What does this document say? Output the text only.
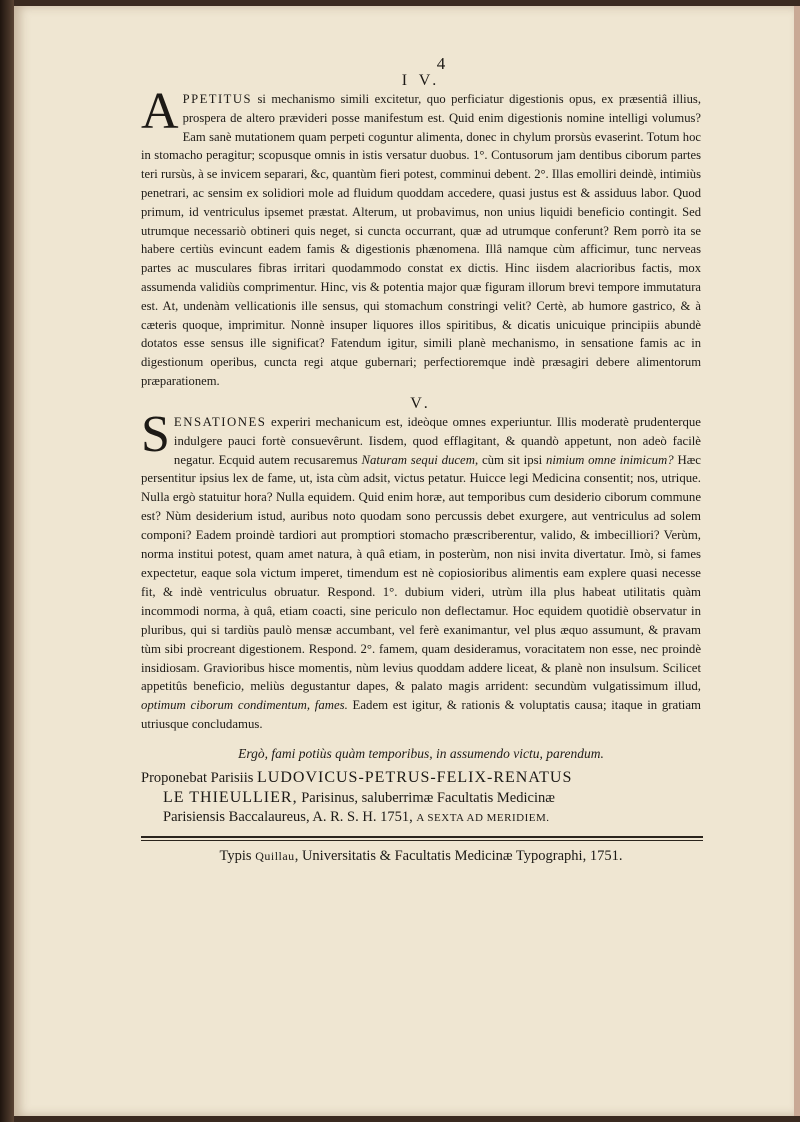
4
I V.

APPETITUS si mechanismo simili excitetur, quo perficiatur digestionis opus, ex præsentiâ illius, prospera de altero prævideri posse manifestum est. Quid enim digestionis nomine intelligi volumus? Eam sanè mutationem quam perpeti coguntur alimenta, donec in chylum prorsùs evaserint. Totum hoc in stomacho peragitur; scopusque omnis in istis versatur duobus. 1°. Contusorum jam dentibus ciborum partes teri rursùs, à se invicem separari, &c, quantùm fieri potest, comminui debent. 2°. Illas emolliri deindè, intimiùs penetrari, ac sensim ex solidiori mole ad fluidum quoddam accedere, quasi justus est & assiduus labor. Quod primum, id ventriculus ipsemet præstat. Alterum, ut probavimus, non unius liquidi beneficio contingit. Sed utrumque necessariò obtineri quis neget, si cuncta occurrant, quæ ad utrumque conferunt? Rem porrò ita se habere certiùs evincunt eadem famis & digestionis phænomena. Illâ namque cùm afficimur, tunc nerveas partes ac musculares fibras irritari quodammodo constat ex dictis. Hinc iisdem alacrioribus factis, mox assumenda validiùs comprimentur. Hinc, vis & potentia major quæ figuram illorum brevi tempore immutatura est. At, undenàm vellicationis ille sensus, qui stomachum constringi velit? Certè, ab humore gastrico, & à cæteris quoque, imprimitur. Nonnè insuper liquores illos spiritibus, & dicatis unicuique principiis abundè dotatos esse sensus ille significat? Fatendum igitur, simili planè mechanismo, in sensatione famis ac in digestionum operibus, cuncta regi atque gubernari; perfectioremque indè præsagiri debere alimentorum præparationem.

V.

SENSATIONES experiri mechanicum est, ideòque omnes experiuntur. Illis moderatè prudenterque indulgere pauci fortè consuevêrunt. Iisdem, quod efflagitant, & quandò appetunt, non adeò facilè negatur. Ecquid autem recusaremus Naturam sequi ducem, cùm sit ipsi nimium omne inimicum? Hæc persentitur ipsius lex de fame, ut, ista cùm adsit, victus petatur. Huicce legi Medicina consentit; nos, utrique. Nulla ergò statuitur hora? Nulla equidem. Quid enim horæ, aut temporibus cum desiderio ciborum commune est? Nùm desiderium istud, auribus noto quodam sono percussis debet exurgere, aut ventriculus ad solem componi? Eadem proindè tardiori aut promptiori stomacho præscriberentur, valido, & imbecilliori? Verùm, norma institui potest, quam amet natura, à quâ etiam, in posterùm, non nisi invita divertatur. Imò, si fames expectetur, eaque sola victum imperet, timendum est nè copiosioribus alimentis eam explere quasi necesse fit, & indè ventriculus obruatur. Respond. 1°. dubium videri, utrùm illa plus habeat utilitatis quàm incommodi norma, à quâ, etiam coacti, sine periculo non deflectamur. Hoc equidem quotidiè observatur in pluribus, qui si tardiùs paulò mensæ accumbant, vel ferè exanimantur, vel plus æquo assumunt, & pravam tùm sibi procreant digestionem. Respond. 2°. famem, quam desideramus, voracitatem non esse, nec proindè insidiosam. Gravioribus hisce momentis, nùm levius quoddam addere liceat, & planè non insulsum. Scilicet appetitûs beneficio, meliùs degustantur dapes, & palato magis arrident: secundùm vulgatissimum illud, optimum ciborum condimentum, fames. Eadem est igitur, & rationis & voluptatis causa; itaque in gratiam utriusque concludamus.

Ergò, fami potiùs quàm temporibus, in assumendo victu, parendum.

Proponebat Parisiis LUDOVICUS-PETRUS-FELIX-RENATUS

LE THIEULLIER, Parisinus, saluberrimæ Facultatis Medicinæ

Parisiensis Baccalaureus, A. R. S. H. 1751, A SEXTA AD MERIDIEM.

Typis Quillau, Universitatis & Facultatis Medicinæ Typographi, 1751.
